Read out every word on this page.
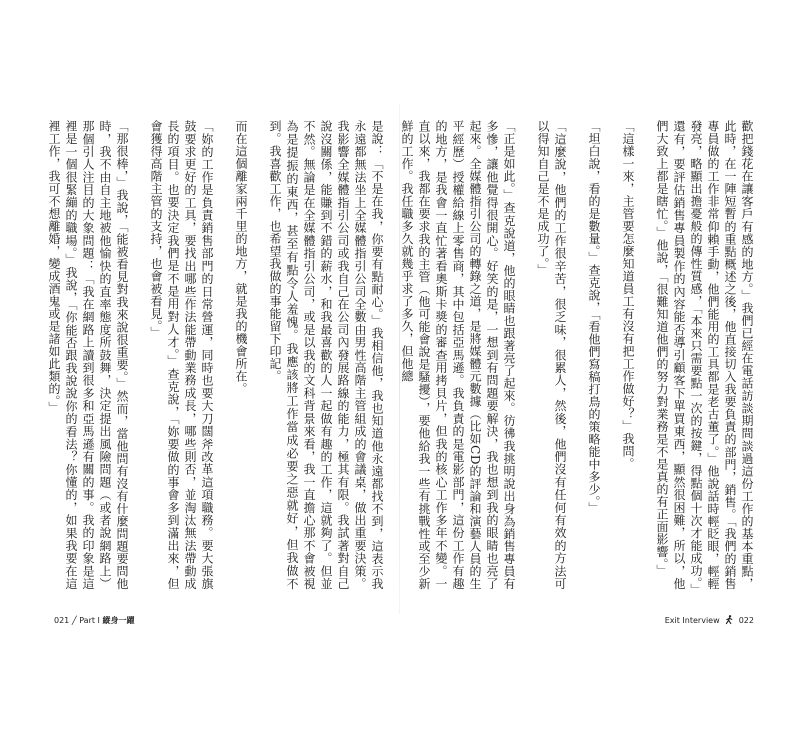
是說：「不是在我，你要有點耐心。」我相信他，我也知道他永遠都找不到，這表示我永遠都無法坐上全媒體指引公司全數由男性高階主管組成的會議桌，做出重要決策。我影響全媒體指引公司或我自己在公司內發展路線的能力，極其有限。我試著對自己說沒關係，能賺到不錯的薪水，和我最喜歡的人一起做有趣的工作，這就夠了。但並不然。無論是在全媒體指引公司，或是以我的文科背景來看，我一直擔心那不會被視為是提振的東西，甚至有點令人羞愧。我應該將工作當成必要之惡就好，但我做不到。我喜歡工作，也希望我做的事能留下印記。

而在這個離家兩千里的地方，就是我的機會所在。

「妳的工作是負責銷售部門的日常營運，同時也要大刀闊斧改革這項職務。要大張旗鼓要求更好的工具，要找出哪些作法能帶動業務成長，哪些則否，並淘汰無法帶動成長的項目。也要決定我們是不是用對人才。」查克說，「妳要做的事會多到滿出來，但會獲得高階主管的支持，也會被看見。」

「那很棒，」我說，「能被看見對我來說很重要。」然而，當他問有沒有什麼問題要問他時，我不由自主地被他愉快的直率態度所鼓舞，決定提出風險問題（或者說網路上）那個引人注目的大象問題：「我在網路上讀到很多和亞馬遜有關的事。我的印象是這裡是一個很緊繃的職場。」我說，「你能否跟我說說你的看法？你懂的，如果我要在這裡工作，我可不想離婚，變成酒鬼或是諸如此類的。」
021 ╱ Part I 縱身一躍
歡把錢花在讓客戶有感的地方。」我們已經在電話訪談期間談過這份工作的基本重點，此時，在一陣短暫的重點概述之後，他直接切入我要負責的部門，銷售。「我們的銷售專員做的工作非常仰賴手動，他們能用的工具都是老古董了。」他說話時輕眨眼，輕輕發亮，略顯出擔憂般的傳性質感，「本來只需要點一次的按鍵，得點個十次才能成功。」還有，要評估銷售專員製作的內容能否導引顧客下單買東西，顯然很困難，所以，他們大致上都是瞎忙。」他說，「很難知道他們的努力對業務是不是真的有正面影響。」

「這樣一來，主管要怎麼知道員工有沒有把工作做好？」我問。

「坦白說，看的是數量。」查克說，「看他們寫稿打鳥的策略能中多少。」

「這麼說，他們的工作很辛苦，很乏味，很累人，然後，他們沒有任何有效的方法可以得知自己是不是成功了。」

「正是如此。」查克說道，他的眼睛也跟著亮了起來。彷彿我挑明說出身為銷售專員有多慘，讓他覺得很開心。好笑的是，一想到有問題要解決，我也想到我的眼睛也亮了起來。全媒體指引公司的轉錄之道，是將媒體元數據（比如CD的評論和演藝人員的生平經歷）授權給線上零售商，其中包括亞馬遜。我負責的是電影部門，這份工作有趣的地方，是我會一直忙著看奧斯卡獎的審查用拷貝片，但我的核心工作多年不變。一直以來，我都在要求我的主管（他可能會說是騷擾），要他給我一些有挑戰性或至少新鮮的工作。我任職多久就幾乎求了多久，但他總
Exit Interview 022
